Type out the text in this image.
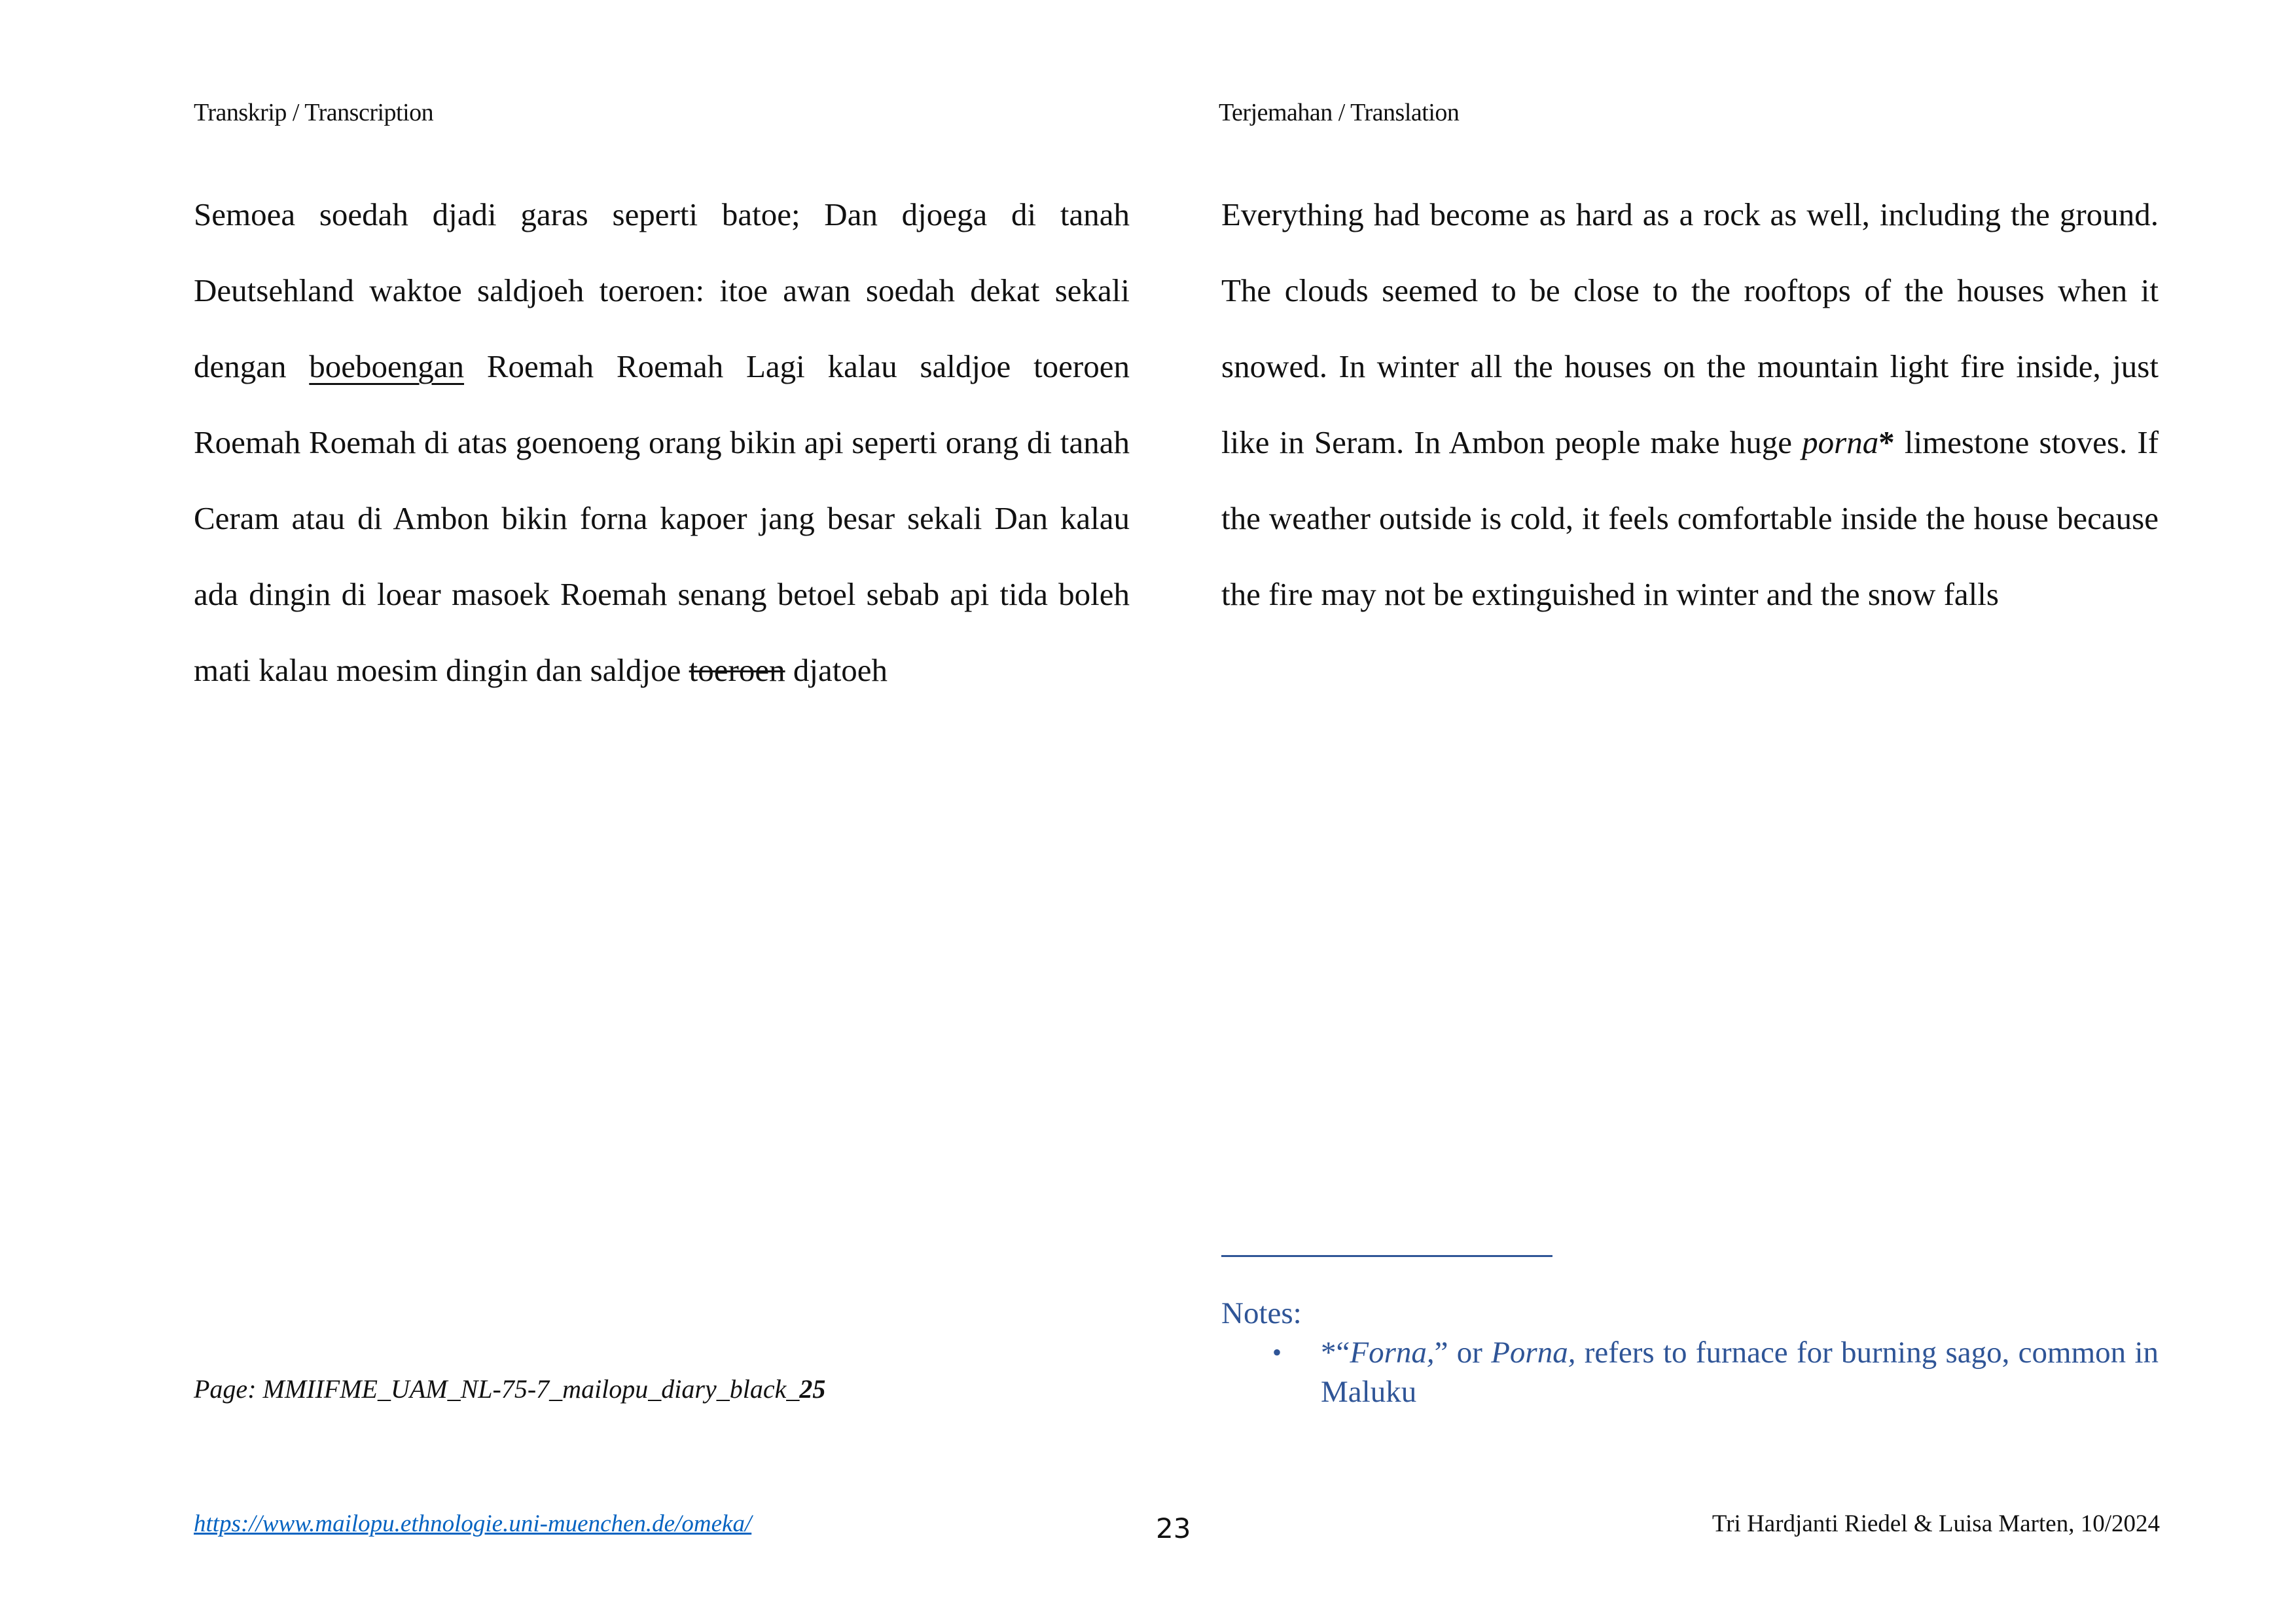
Transkrip / Transcription	Terjemahan / Translation
Semoea soedah djadi garas seperti batoe; Dan djoega di tanah Deutsehland waktoe saldjoeh toeroen: itoe awan soedah dekat sekali dengan boeboengan Roemah Roemah Lagi kalau saldjoe toeroen Roemah Roemah di atas goenoeng orang bikin api seperti orang di tanah Ceram atau di Ambon bikin forna kapoer jang besar sekali Dan kalau ada dingin di loear masoek Roemah senang betoel sebab api tida boleh mati kalau moesim dingin dan saldjoe toeroen djatoeh
Everything had become as hard as a rock as well, including the ground. The clouds seemed to be close to the rooftops of the houses when it snowed. In winter all the houses on the mountain light fire inside, just like in Seram. In Ambon people make huge porna* limestone stoves. If the weather outside is cold, it feels comfortable inside the house because the fire may not be extinguished in winter and the snow falls
Page: MMIIFME_UAM_NL-75-7_mailopu_diary_black_25
Notes:
• *“Forna,” or Porna, refers to furnace for burning sago, common in Maluku
https://www.mailopu.ethnologie.uni-muenchen.de/omeka/	23	Tri Hardjanti Riedel & Luisa Marten, 10/2024
